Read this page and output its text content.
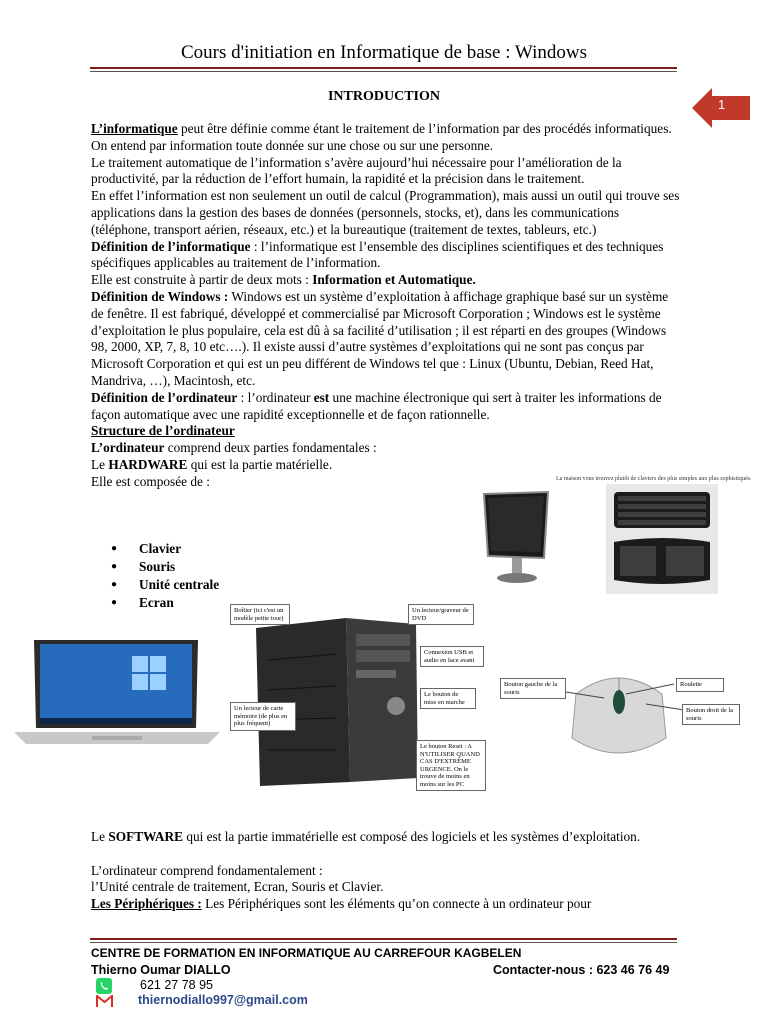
Cours d'initiation en Informatique de base : Windows
1
INTRODUCTION

L’informatique peut être définie comme étant le traitement de l’information par des procédés informatiques. On entend par information toute donnée sur une chose ou sur une personne.

Le traitement automatique de l’information s’avère aujourd’hui nécessaire pour l’amélioration de la productivité, par la réduction de l’effort humain, la rapidité et la précision dans le traitement.

En effet l’information est non seulement un outil de calcul (Programmation), mais aussi un outil qui trouve ses applications dans la gestion des bases de données (personnels, stocks, et), dans les communications (téléphone, transport aérien, réseaux, etc.) et la bureautique (traitement de textes, tableurs, etc.)

Définition de l’informatique : l’informatique est l’ensemble des disciplines scientifiques et des techniques spécifiques applicables au traitement de l’information.

Elle est construite à partir de deux mots : Information et Automatique.

Définition de Windows : Windows est un système d’exploitation à affichage graphique basé sur un système de fenêtre. Il est fabriqué, développé et commercialisé par Microsoft Corporation ; Windows est le système d’exploitation le plus populaire, cela est dû à sa facilité d’utilisation ; il est réparti en des groupes (Windows 98, 2000, XP, 7, 8, 10 etc….). Il existe aussi d’autre systèmes d’exploitations qui ne sont pas conçus par Microsoft Corporation et qui est un peu différent de Windows tel que : Linux (Ubuntu, Debian, Reed Hat, Mandriva, …), Macintosh, etc.

Définition de l’ordinateur : l’ordinateur est une machine électronique qui sert à traiter les informations de façon automatique avec une rapidité exceptionnelle et de façon rationnelle.

Structure de l’ordinateur

L’ordinateur comprend deux parties fondamentales :

Le HARDWARE qui est la partie matérielle.

Elle est composée de :

● Clavier
● Souris
● Unité centrale
● Ecran
La maison vous trouvez plutôt de claviers des plus simples aux plus sophistiqués.
Boîtier (ici c'est un modèle petite tour)
Un lecteur/graveur de DVD
Connexion USB et audio en face avant
Le bouton de mise en marche
Un lecteur de carte mémoire (de plus en plus fréquent)
Le bouton Reset : A N'UTILISER QUAND CAS D'EXTRÊME URGENCE. On le trouve de moins en moins sur les PC
Bouton gauche de la souris
Roulette
Bouton droit de la souris

Le SOFTWARE qui est la partie immatérielle est composé des logiciels et les systèmes d’exploitation.

L’ordinateur comprend fondamentalement :

l’Unité centrale de traitement, Ecran, Souris et Clavier.

Les Périphériques : Les Périphériques sont les éléments qu’on connecte à un ordinateur pour

CENTRE DE FORMATION EN INFORMATIQUE AU CARREFOUR KAGBELEN
Thierno Oumar DIALLO	Contacter-nous : 623 46 76 49
621 27 78 95
thiernodiallo997@gmail.com
